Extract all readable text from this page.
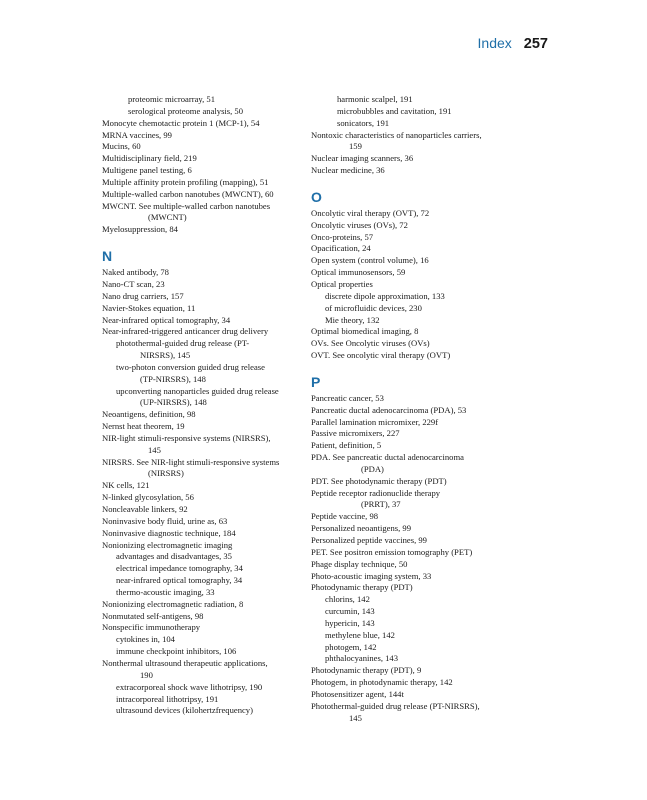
Index 257
proteomic microarray, 51
serological proteome analysis, 50
Monocyte chemotactic protein 1 (MCP-1), 54
MRNA vaccines, 99
Mucins, 60
Multidisciplinary field, 219
Multigene panel testing, 6
Multiple affinity protein profiling (mapping), 51
Multiple-walled carbon nanotubes (MWCNT), 60
MWCNT. See multiple-walled carbon nanotubes
(MWCNT)
Myelosuppression, 84
N
Naked antibody, 78
Nano-CT scan, 23
Nano drug carriers, 157
Navier-Stokes equation, 11
Near-infrared optical tomography, 34
Near-infrared-triggered anticancer drug delivery
photothermal-guided drug release (PT-
NIRSRS), 145
two-photon conversion guided drug release
(TP-NIRSRS), 148
upconverting nanoparticles guided drug release
(UP-NIRSRS), 148
Neoantigens, definition, 98
Nernst heat theorem, 19
NIR-light stimuli-responsive systems (NIRSRS),
145
NIRSRS. See NIR-light stimuli-responsive systems
(NIRSRS)
NK cells, 121
N-linked glycosylation, 56
Noncleavable linkers, 92
Noninvasive body fluid, urine as, 63
Noninvasive diagnostic technique, 184
Nonionizing electromagnetic imaging
advantages and disadvantages, 35
electrical impedance tomography, 34
near-infrared optical tomography, 34
thermo-acoustic imaging, 33
Nonionizing electromagnetic radiation, 8
Nonmutated self-antigens, 98
Nonspecific immunotherapy
cytokines in, 104
immune checkpoint inhibitors, 106
Nonthermal ultrasound therapeutic applications,
190
extracorporeal shock wave lithotripsy, 190
intracorporeal lithotripsy, 191
ultrasound devices (kilohertzfrequency)
harmonic scalpel, 191
microbubbles and cavitation, 191
sonicators, 191
Nontoxic characteristics of nanoparticles carriers,
159
Nuclear imaging scanners, 36
Nuclear medicine, 36
O
Oncolytic viral therapy (OVT), 72
Oncolytic viruses (OVs), 72
Onco-proteins, 57
Opacification, 24
Open system (control volume), 16
Optical immunosensors, 59
Optical properties
discrete dipole approximation, 133
of microfluidic devices, 230
Mie theory, 132
Optimal biomedical imaging, 8
OVs. See Oncolytic viruses (OVs)
OVT. See oncolytic viral therapy (OVT)
P
Pancreatic cancer, 53
Pancreatic ductal adenocarcinoma (PDA), 53
Parallel lamination micromixer, 229f
Passive micromixers, 227
Patient, definition, 5
PDA. See pancreatic ductal adenocarcinoma
(PDA)
PDT. See photodynamic therapy (PDT)
Peptide receptor radionuclide therapy
(PRRT), 37
Peptide vaccine, 98
Personalized neoantigens, 99
Personalized peptide vaccines, 99
PET. See positron emission tomography (PET)
Phage display technique, 50
Photo-acoustic imaging system, 33
Photodynamic therapy (PDT)
chlorins, 142
curcumin, 143
hypericin, 143
methylene blue, 142
photogem, 142
phthalocyanines, 143
Photodynamic therapy (PDT), 9
Photogem, in photodynamic therapy, 142
Photosensitizer agent, 144t
Photothermal-guided drug release (PT-NIRSRS),
145
